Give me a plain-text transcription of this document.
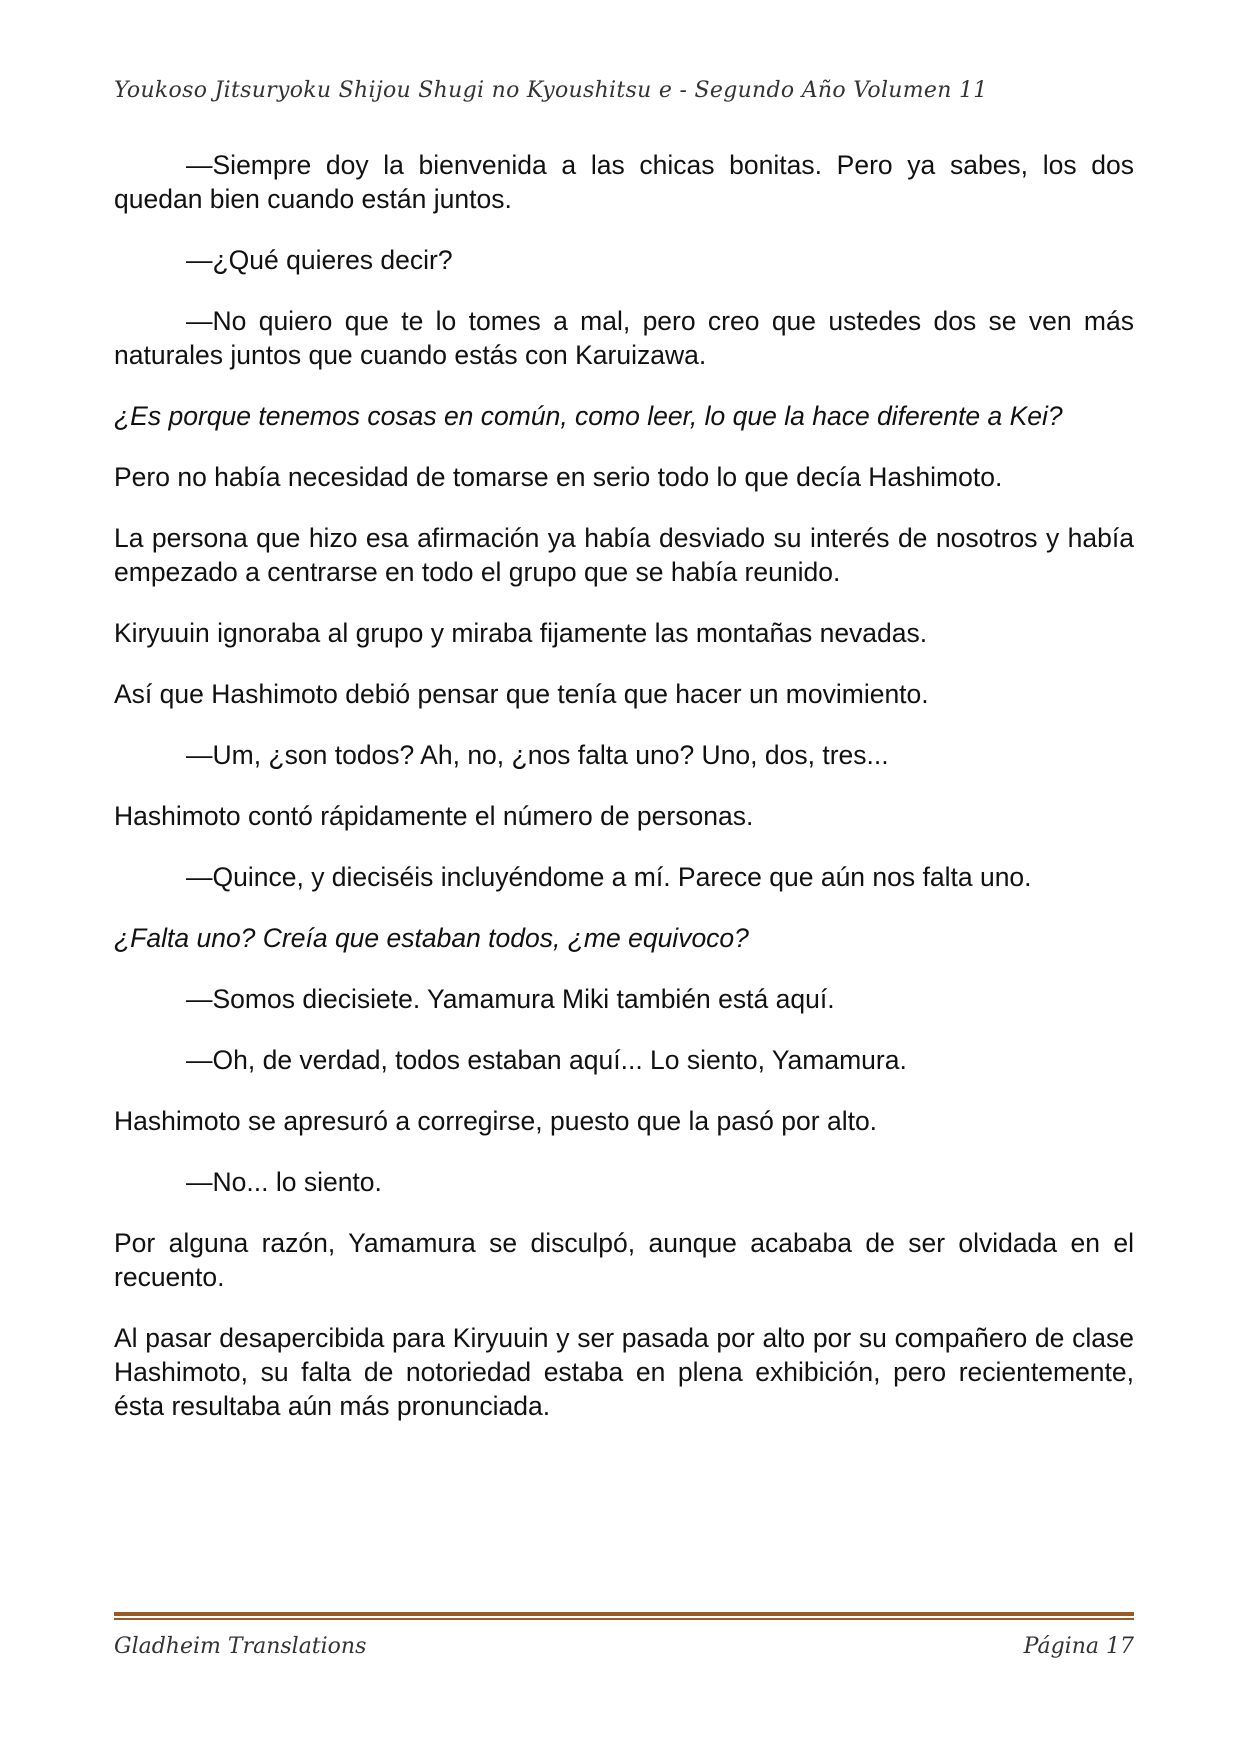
Youkoso Jitsuryoku Shijou Shugi no Kyoushitsu e - Segundo Año Volumen 11

—Siempre doy la bienvenida a las chicas bonitas. Pero ya sabes, los dos quedan bien cuando están juntos.

—¿Qué quieres decir?

—No quiero que te lo tomes a mal, pero creo que ustedes dos se ven más naturales juntos que cuando estás con Karuizawa.

¿Es porque tenemos cosas en común, como leer, lo que la hace diferente a Kei?

Pero no había necesidad de tomarse en serio todo lo que decía Hashimoto.

La persona que hizo esa afirmación ya había desviado su interés de nosotros y había empezado a centrarse en todo el grupo que se había reunido.

Kiryuuin ignoraba al grupo y miraba fijamente las montañas nevadas.

Así que Hashimoto debió pensar que tenía que hacer un movimiento.

—Um, ¿son todos? Ah, no, ¿nos falta uno? Uno, dos, tres...

Hashimoto contó rápidamente el número de personas.

—Quince, y dieciséis incluyéndome a mí. Parece que aún nos falta uno.

¿Falta uno? Creía que estaban todos, ¿me equivoco?

—Somos diecisiete. Yamamura Miki también está aquí.

—Oh, de verdad, todos estaban aquí... Lo siento, Yamamura.

Hashimoto se apresuró a corregirse, puesto que la pasó por alto.

—No... lo siento.

Por alguna razón, Yamamura se disculpó, aunque acababa de ser olvidada en el recuento.

Al pasar desapercibida para Kiryuuin y ser pasada por alto por su compañero de clase Hashimoto, su falta de notoriedad estaba en plena exhibición, pero recientemente, ésta resultaba aún más pronunciada.

Gladheim Translations	Página 17
